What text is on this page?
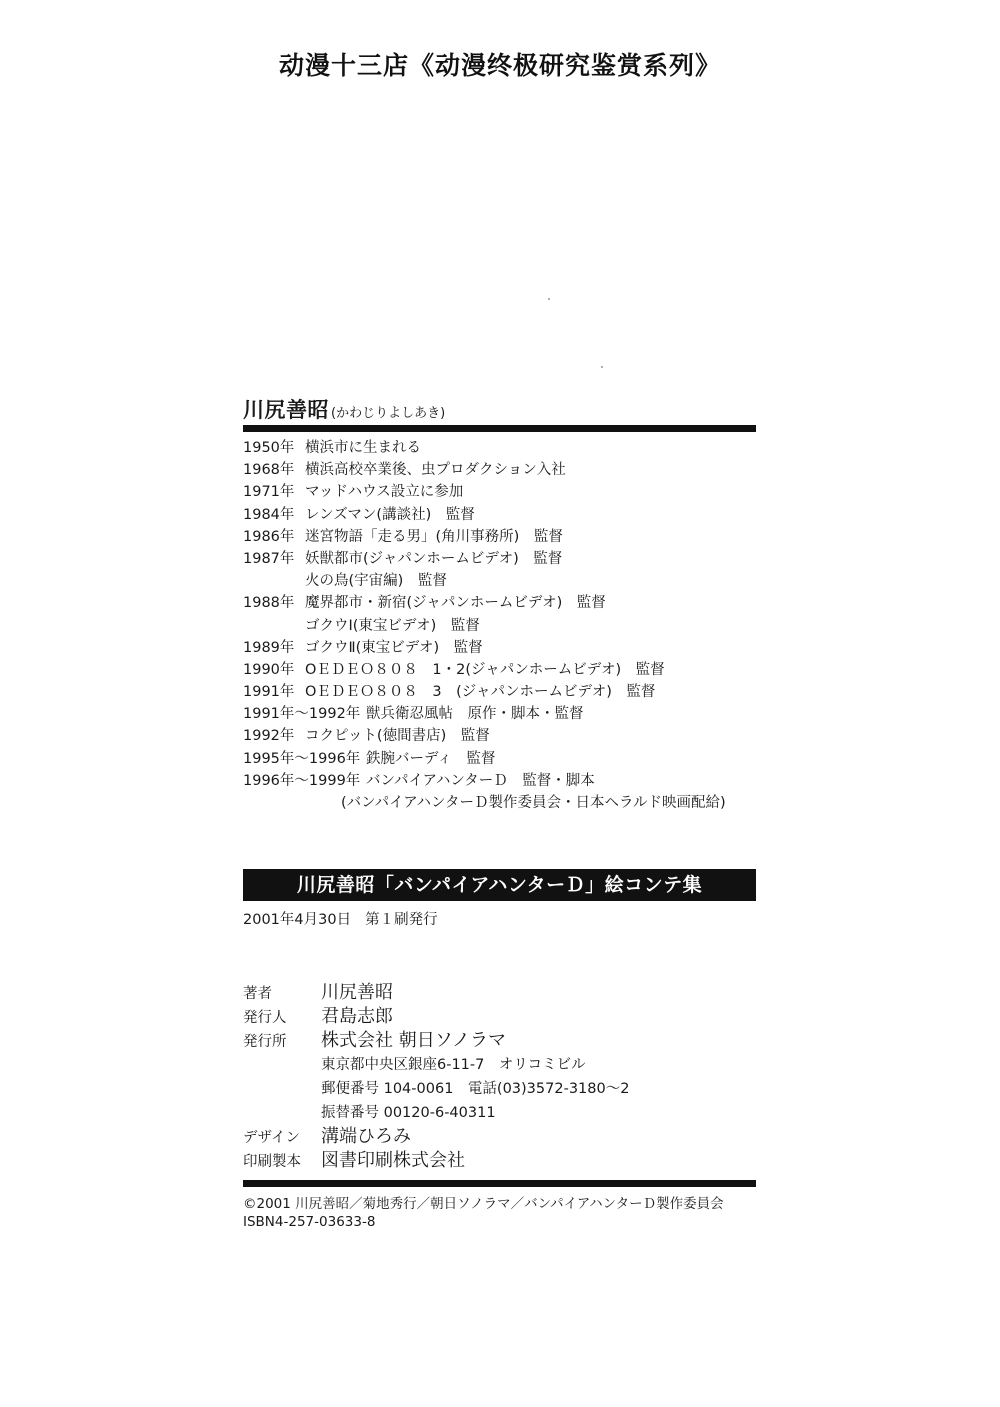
动漫十三店《动漫终极研究鉴赏系列》
川尻善昭 (かわじりよしあき)
1950年 横浜市に生まれる
1968年 横浜高校卒業後、虫プロダクション入社
1971年 マッドハウス設立に参加
1984年 レンズマン(講談社)　監督
1986年 迷宮物語「走る男」(角川事務所)　監督
1987年 妖獣都市(ジャパンホームビデオ)　監督
火の鳥(宇宙編)　監督
1988年 魔界都市・新宿(ジャパンホームビデオ)　監督
ゴクウⅠ(東宝ビデオ)　監督
1989年 ゴクウⅡ(東宝ビデオ)　監督
1990年 ОＥＤＥＯ８０８　1・2(ジャパンホームビデオ)　監督
1991年 ОＥＤＥＯ８０８　3　(ジャパンホームビデオ)　監督
1991年〜1992年 獣兵衛忍風帖　原作・脚本・監督
1992年 コクピット(徳間書店)　監督
1995年〜1996年 鉄腕バーディ　監督
1996年〜1999年 バンパイアハンターＤ　監督・脚本
(バンパイアハンターＤ製作委員会・日本ヘラルド映画配給)
川尻善昭「バンパイアハンターＤ」絵コンテ集
2001年4月30日 第１刷発行
著者	川尻善昭
発行人 君島志郎
発行所 株式会社 朝日ソノラマ
東京都中央区銀座6-11-7　オリコミビル
郵便番号 104-0061　電話(03)3572-3180〜2
振替番号 00120-6-40311
デザイン 溝端ひろみ
印刷製本 図書印刷株式会社
©2001 川尻善昭／菊地秀行／朝日ソノラマ／バンパイアハンターＤ製作委員会
ISBN4-257-03633-8
